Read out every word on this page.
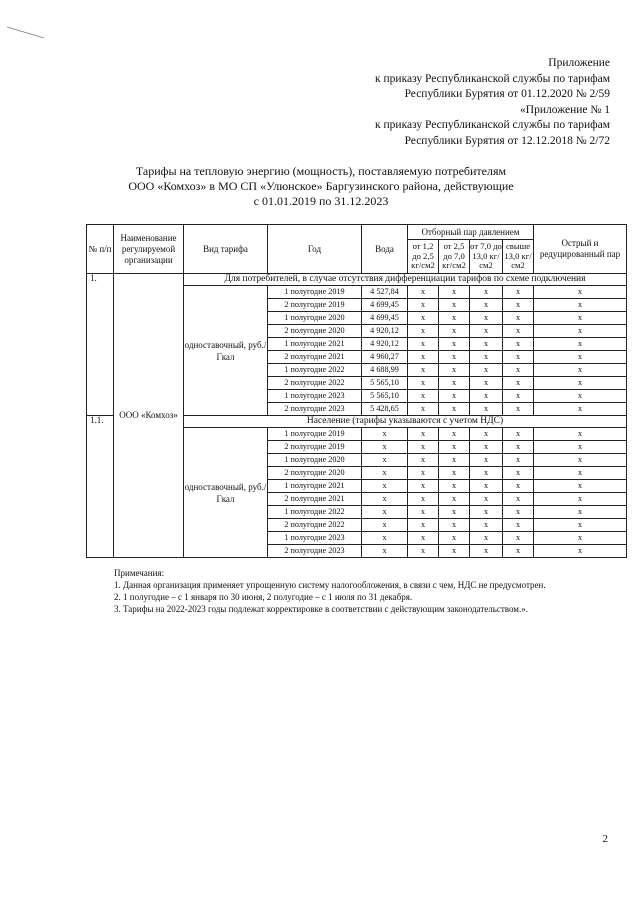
Приложение
к приказу Республиканской службы по тарифам
Республики Бурятия от 01.12.2020 № 2/59
«Приложение № 1
к приказу Республиканской службы по тарифам
Республики Бурятия от 12.12.2018 № 2/72
Тарифы на тепловую энергию (мощность), поставляемую потребителям
ООО «Комхоз» в МО СП «Улюнское» Баргузинского района, действующие
с 01.01.2019 по 31.12.2023
№ п/п	Наименование регулируемой организации	Вид тарифа	Год	Вода	Отборный пар давлением				Острый и редуцированный пар
					от 1,2 до 2,5 кг/см2	от 2,5 до 7,0 кг/см2	от 7,0 до 13,0 кг/см2	свыше 13,0 кг/см2	
1.	ООО «Комхоз»	Для потребителей, в случае отсутствия дифференциации тарифов по схеме подключения							
		одноставочный, руб./Гкал	1 полугодие 2019	4 527,84	х	х	х	х	х
			2 полугодие 2019	4 699,45	х	х	х	х	х
			1 полугодие 2020	4 699,45	х	х	х	х	х
			2 полугодие 2020	4 920,12	х	х	х	х	х
			1 полугодие 2021	4 920,12	х	х	х	х	х
			2 полугодие 2021	4 960,27	х	х	х	х	х
			1 полугодие 2022	4 688,99	х	х	х	х	х
			2 полугодие 2022	5 565,10	х	х	х	х	х
			1 полугодие 2023	5 565,10	х	х	х	х	х
			2 полугодие 2023	5 428,65	х	х	х	х	х
1.1.		Население (тарифы указываются с учетом НДС)							
		одноставочный, руб./Гкал	1 полугодие 2019	х	х	х	х	х	х
			2 полугодие 2019	х	х	х	х	х	х
			1 полугодие 2020	х	х	х	х	х	х
			2 полугодие 2020	х	х	х	х	х	х
			1 полугодие 2021	х	х	х	х	х	х
			2 полугодие 2021	х	х	х	х	х	х
			1 полугодие 2022	х	х	х	х	х	х
			2 полугодие 2022	х	х	х	х	х	х
			1 полугодие 2023	х	х	х	х	х	х
			2 полугодие 2023	х	х	х	х	х	х

Примечания:

1. Данная организация применяет упрощенную систему налогообложения, в связи с чем, НДС не предусмотрен.

2. 1 полугодие – с 1 января по 30 июня, 2 полугодие – с 1 июля по 31 декабря.

3. Тарифы на 2022-2023 годы подлежат корректировке в соответствии с действующим законодательством.».

2
